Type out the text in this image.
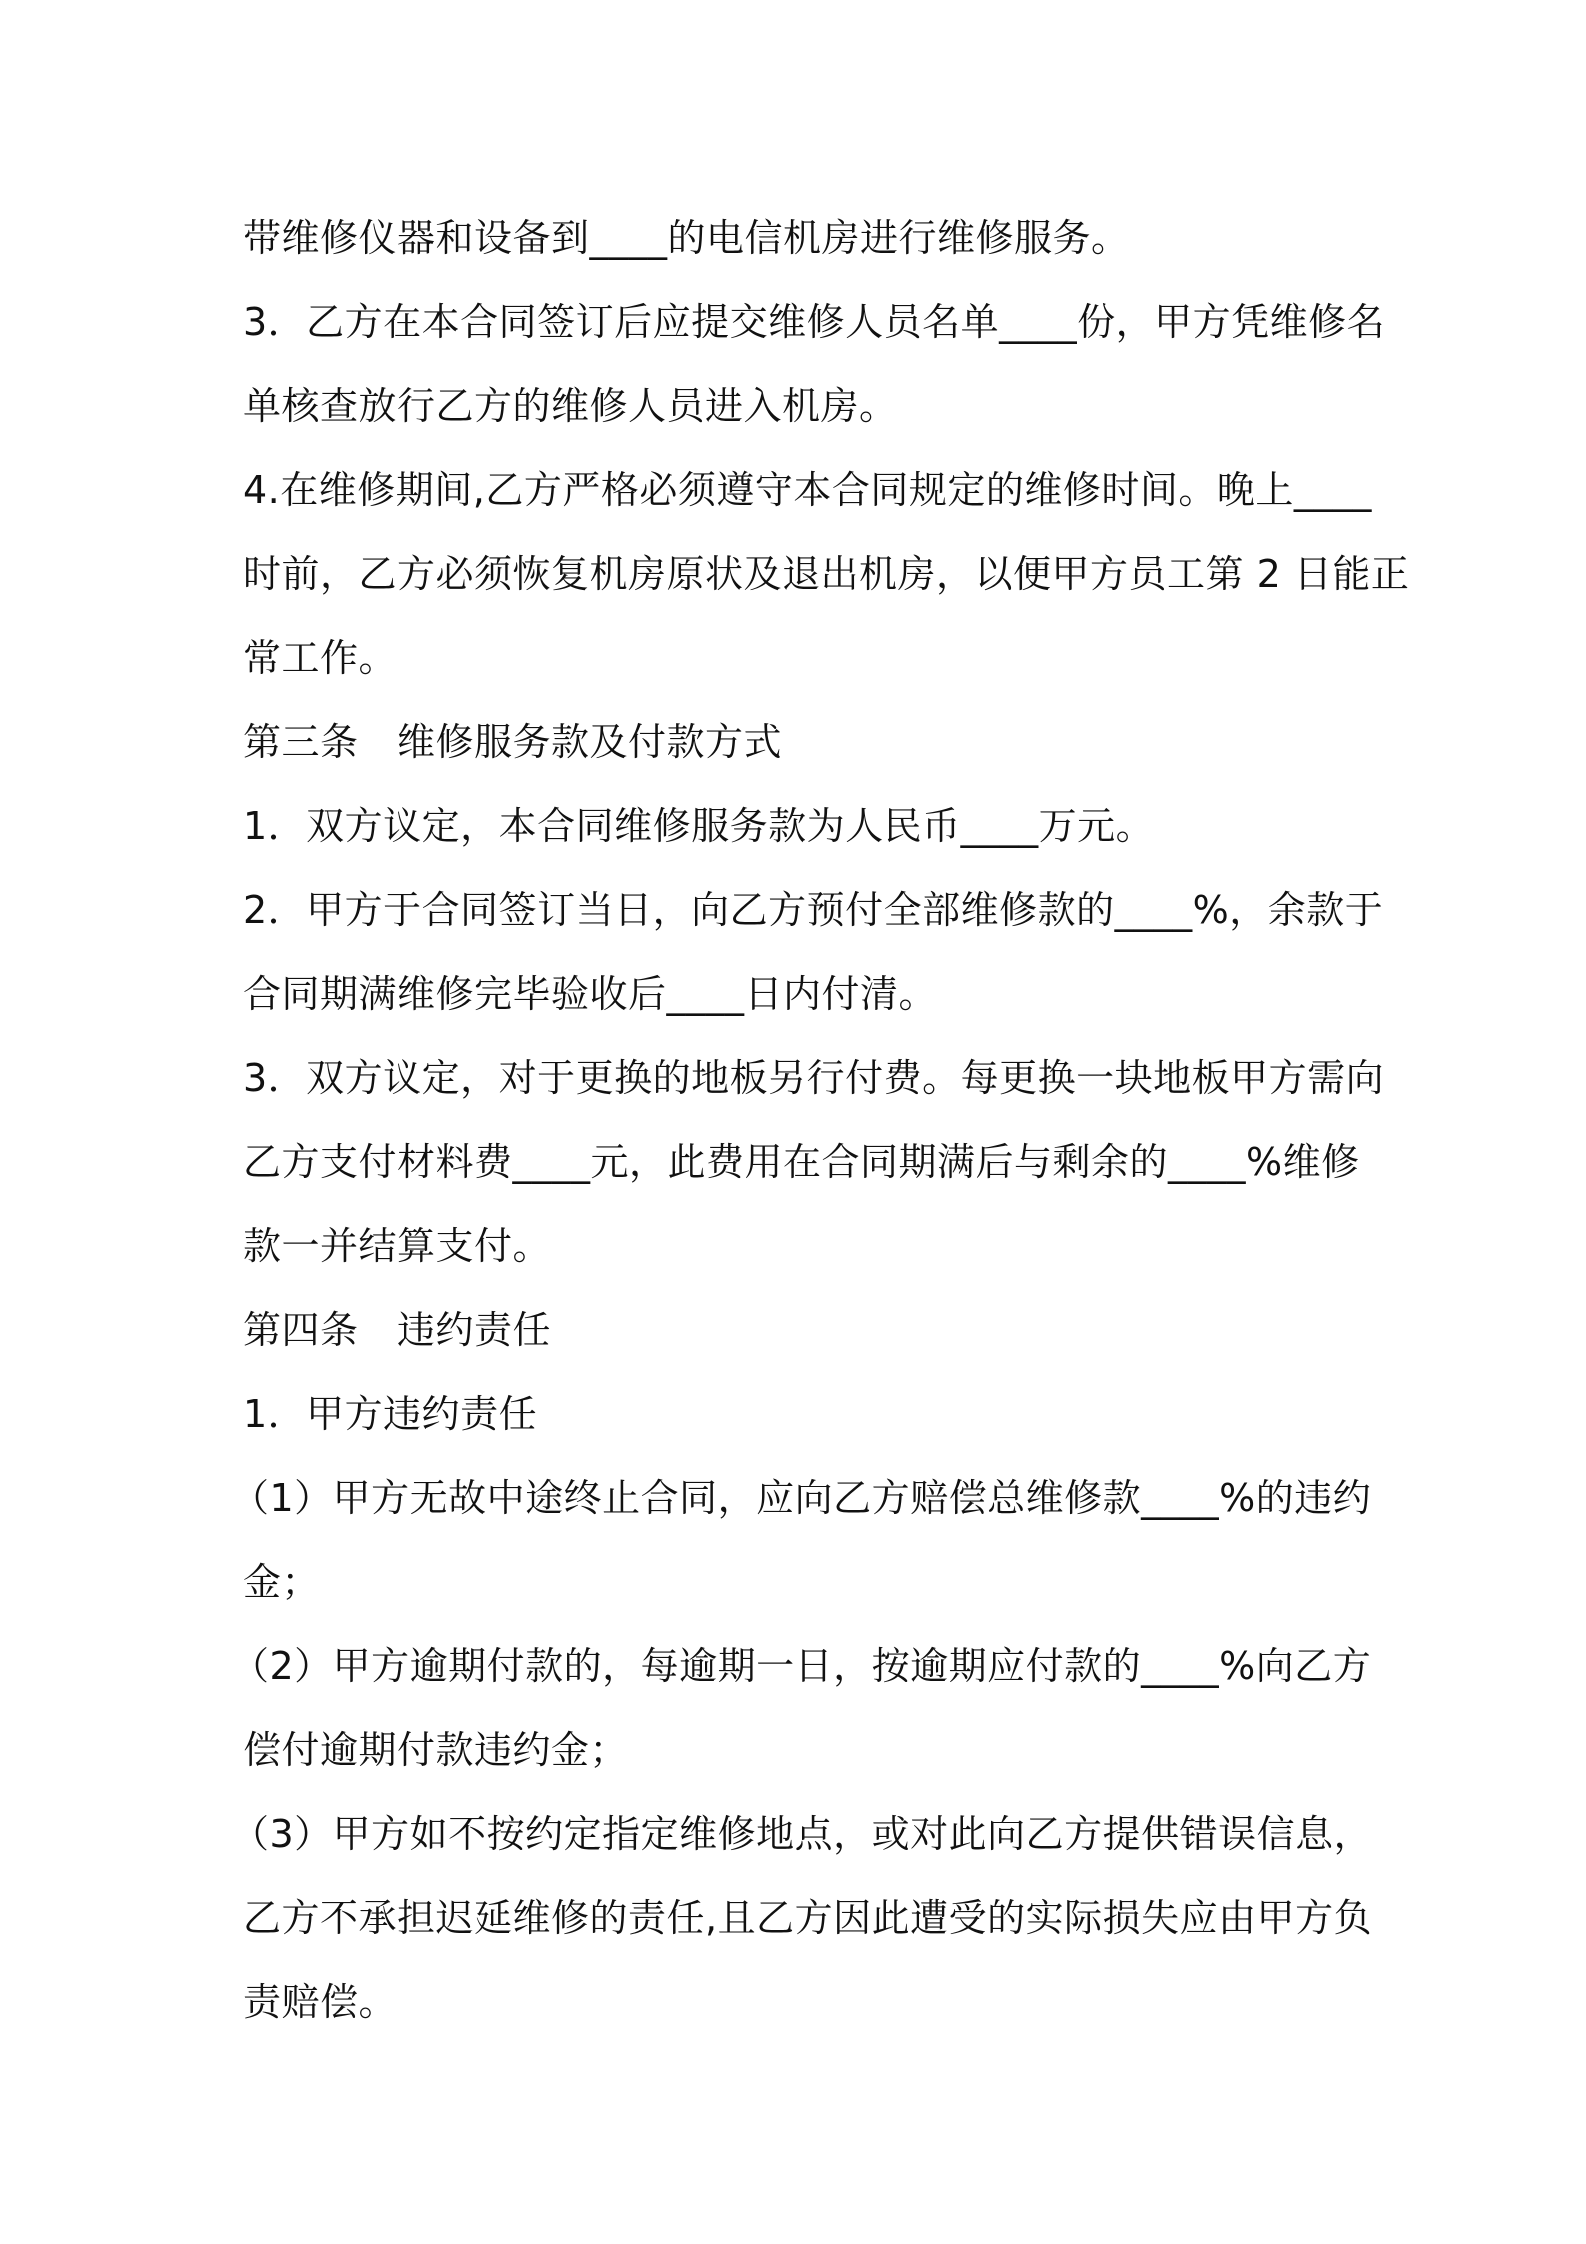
带维修仪器和设备到____的电信机房进行维修服务。
3．乙方在本合同签订后应提交维修人员名单____份，甲方凭维修名
单核查放行乙方的维修人员进入机房。
4.在维修期间,乙方严格必须遵守本合同规定的维修时间。晚上____
时前，乙方必须恢复机房原状及退出机房，以便甲方员工第 2 日能正
常工作。
第三条　维修服务款及付款方式
1．双方议定，本合同维修服务款为人民币____万元。
2．甲方于合同签订当日，向乙方预付全部维修款的____%，余款于
合同期满维修完毕验收后____日内付清。
3．双方议定，对于更换的地板另行付费。每更换一块地板甲方需向
乙方支付材料费____元，此费用在合同期满后与剩余的____%维修
款一并结算支付。
第四条　违约责任
1．甲方违约责任
（1）甲方无故中途终止合同，应向乙方赔偿总维修款____%的违约
金；
（2）甲方逾期付款的，每逾期一日，按逾期应付款的____%向乙方
偿付逾期付款违约金；
（3）甲方如不按约定指定维修地点，或对此向乙方提供错误信息，
乙方不承担迟延维修的责任,且乙方因此遭受的实际损失应由甲方负
责赔偿。
